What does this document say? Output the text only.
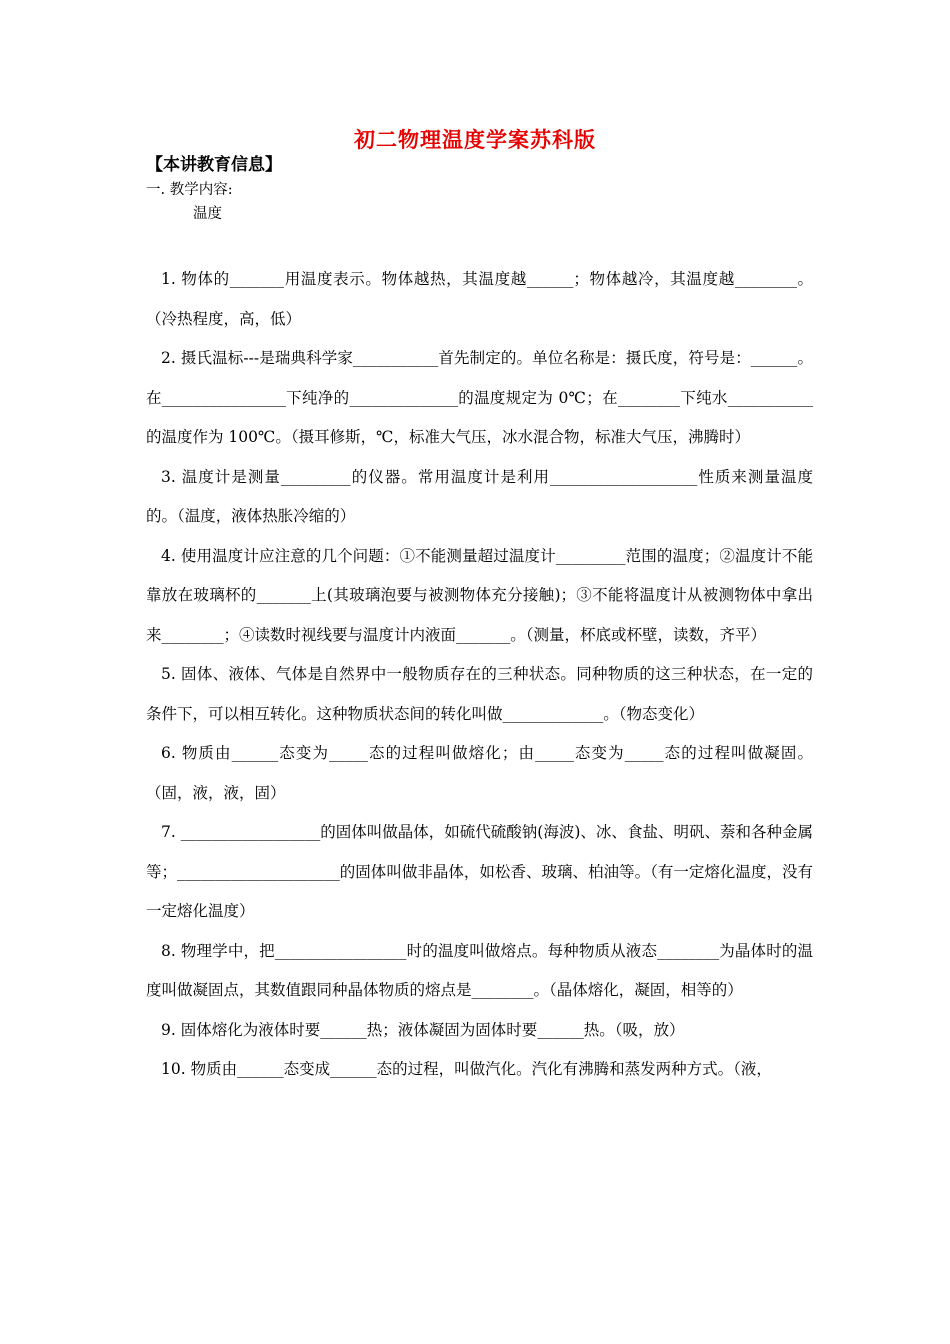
初二物理温度学案苏科版
【本讲教育信息】
一. 教学内容:
温度

1. 物体的_______用温度表示。物体越热，其温度越______；物体越冷，其温度越________。（冷热程度，高，低）

2. 摄氏温标---是瑞典科学家___________首先制定的。单位名称是：摄氏度，符号是：______。在________________下纯净的______________的温度规定为 0℃；在________下纯水___________的温度作为 100℃。（摄耳修斯，℃，标准大气压，冰水混合物，标准大气压，沸腾时）

3. 温度计是测量_________的仪器。常用温度计是利用___________________性质来测量温度的。（温度，液体热胀冷缩的）

4. 使用温度计应注意的几个问题：①不能测量超过温度计_________范围的温度；②温度计不能靠放在玻璃杯的_______上(其玻璃泡要与被测物体充分接触)；③不能将温度计从被测物体中拿出来________；④读数时视线要与温度计内液面_______。（测量，杯底或杯壁，读数，齐平）

5. 固体、液体、气体是自然界中一般物质存在的三种状态。同种物质的这三种状态，在一定的条件下，可以相互转化。这种物质状态间的转化叫做_____________。（物态变化）

6. 物质由______态变为_____态的过程叫做熔化；由_____态变为_____态的过程叫做凝固。（固，液，液，固）

7. __________________的固体叫做晶体，如硫代硫酸钠(海波)、冰、食盐、明矾、萘和各种金属等；_____________________的固体叫做非晶体，如松香、玻璃、柏油等。（有一定熔化温度，没有一定熔化温度）

8. 物理学中，把_________________时的温度叫做熔点。每种物质从液态________为晶体时的温度叫做凝固点，其数值跟同种晶体物质的熔点是________。（晶体熔化，凝固，相等的）

9. 固体熔化为液体时要______热；液体凝固为固体时要______热。（吸，放）

10. 物质由______态变成______态的过程，叫做汽化。汽化有沸腾和蒸发两种方式。（液，
